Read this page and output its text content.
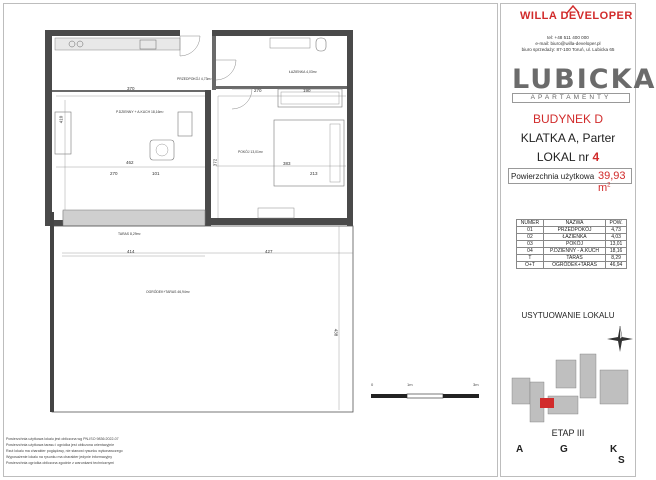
P.DZIENNY + A.KUCH 18,16m²
PRZEDPOKÓJ 4,73m²
ŁAZIENKA 4,03m²
POKÓJ 13,01m²
TARAS 8,29m²
OGRÓDEK+TARAS 46,94m²
370	270	190
462
270	101
383
414	427
438
410
372
213
0	1m	3m
Powierzchnia użytkowa lokalu jest obliczona wg PN-ISO 9836:2022-07
Powierzchnia użytkowa tarasu i ogródka jest obliczona orientacyjnie
Rzut lokalu ma charakter poglądowy, nie stanowi rysunku wykonawczego
Wyposażenie lokalu na rysunku ma charakter jedynie informacyjny
Powierzchnia ogródka obliczona zgodnie z warunkami technicznymi
WILLA DEVELOPER
tel: +48 511 400 000
e-mail: biuro@willa-developer.pl
biuro sprzedaży: 87-100 Toruń, ul. Lubicka 65
LUBICKA
APARTAMENTY
BUDYNEK D
KLATKA A, Parter
LOKAL nr 4
Powierzchnia użytkowa 39,93 $m^2$
NUMER	NAZWA	POW.
01	PRZEDPOKÓJ	4,73
02	ŁAZIENKA	4,03
03	POKÓJ	13,01
04	P.DZIENNY - A.KUCH	18,16
T	TARAS	8,29
O+T	OGRÓDEK+TARAS	46,94
USYTUOWANIE LOKALU
ETAP III
A	G	K
S
